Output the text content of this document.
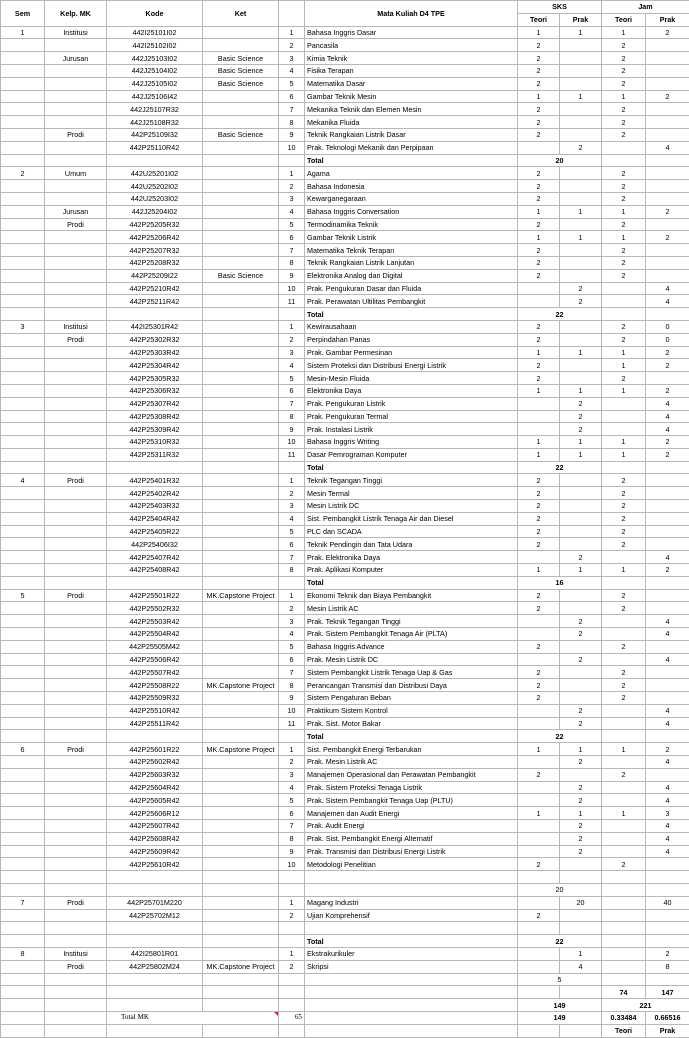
Sem	Kelp. MK	Kode	Ket		Mata Kuliah D4 TPE	SKS		Jam	
						Teori	Prak	Teori	Prak
1	Institusi	442I25101I02		1	Bahasa Inggris Dasar	1	1	1	2
		442I25102I02		2	Pancasila	2		2	
	Jurusan	442J25103I02	Basic Science	3	Kimia Teknik	2		2	
		442J25104I02	Basic Science	4	Fisika Terapan	2		2	
		442J25105I02	Basic Science	5	Matematika Dasar	2		2	
		442J25106I42		6	Gambar Teknik Mesin	1	1	1	2
		442J25107R32		7	Mekanika Teknik dan Elemen Mesin	2		2	
		442J25108R32		8	Mekanika Fluida	2		2	
	Prodi	442P25109I32	Basic Science	9	Teknik Rangkaian Listrik Dasar	2		2	
		442P25110R42		10	Prak. Teknologi Mekanik dan Perpipaan		2		4
					Total	20			
2	Umum	442U25201I02		1	Agama	2		2	
		442U25202I02		2	Bahasa Indonesia	2		2	
		442U25203I02		3	Kewarganegaraan	2		2	
	Jurusan	442J25204I02		4	Bahasa Inggris Conversation	1	1	1	2
	Prodi	442P25205R32		5	Termodinamika Teknik	2		2	
		442P25206R42		6	Gambar Teknik Listrik	1	1	1	2
		442P25207R32		7	Matematika Teknik Terapan	2		2	
		442P25208R32		8	Teknik Rangkaian Listrik Lanjutan	2		2	
		442P25209I22	Basic Science	9	Elektronika Analog dan Digital	2		2	
		442P25210R42		10	Prak. Pengukuran Dasar dan Fluida		2		4
		442P25211R42		11	Prak. Perawatan Ultilitas Pembangkit		2		4
					Total	22			
3	Institusi	442I25301R42		1	Kewirausahaan	2		2	0
	Prodi	442P25302R32		2	Perpindahan Panas	2		2	0
		442P25303R42		3	Prak. Gambar Permesinan	1	1	1	2
		442P25304R42		4	Sistem Proteksi dan Distribusi Energi Listrik	2		1	2
		442P25305R32		5	Mesin-Mesin Fluida	2		2	
		442P25306R32		6	Elektronika Daya	1	1	1	2
		442P25307R42		7	Prak. Pengukuran Listrik		2		4
		442P25308R42		8	Prak. Pengukuran Termal		2		4
		442P25309R42		9	Prak. Instalasi Listrik		2		4
		442P25310R32		10	Bahasa Inggris Writing	1	1	1	2
		442P25311R32		11	Dasar Pemrograman Komputer	1	1	1	2
					Total	22			
4	Prodi	442P25401R32		1	Teknik Tegangan Tinggi	2		2	
		442P25402R42		2	Mesin Termal	2		2	
		442P25403R32		3	Mesin Listrik DC	2		2	
		442P25404R42		4	Sist. Pembangkit Listrik Tenaga Air dan Diesel	2		2	
		442P25405R22		5	PLC dan SCADA	2		2	
		442P25406I32		6	Teknik Pendingin dan Tata Udara	2		2	
		442P25407R42		7	Prak. Elektronika Daya		2		4
		442P25408R42		8	Prak. Aplikasi Komputer	1	1	1	2
					Total	16			
5	Prodi	442P25501R22	MK.Capstone Project	1	Ekonomi Teknik dan Biaya Pembangkit	2		2	
		442P25502R32		2	Mesin Listrik AC	2		2	
		442P25503R42		3	Prak. Teknik Tegangan Tinggi		2		4
		442P25504R42		4	Prak. Sistem Pembangkit Tenaga Air (PLTA)		2		4
		442P25505M42		5	Bahasa Inggris Advance	2		2	
		442P25506R42		6	Prak. Mesin Listrik DC		2		4
		442P25507R42		7	Sistem Pembangkit Listrik Tenaga Uap & Gas	2		2	
		442P25508R22	MK.Capstone Project	8	Perancangan Transmisi dan Distribusi Daya	2		2	
		442P25509R32		9	Sistem Pengaturan Beban	2		2	
		442P25510R42		10	Praktikum Sistem Kontrol		2		4
		442P25511R42		11	Prak. Sist. Motor Bakar		2		4
					Total	22			
6	Prodi	442P25601R22	MK.Capstone Project	1	Sist. Pembangkit Energi Terbarukan	1	1	1	2
		442P25602R42		2	Prak. Mesin Listrik AC		2		4
		442P25603R32		3	Manajemen Operasional dan Perawatan Pembangkit	2		2	
		442P25604R42		4	Prak. Sistem Proteksi Tenaga Listrik		2		4
		442P25605R42		5	Prak. Sistem Pembangkit Tenaga Uap (PLTU)		2		4
		442P25606R12		6	Manajemen dan Audit Energi	1	1	1	3
		442P25607R42		7	Prak. Audit Energi		2		4
		442P25608R42		8	Prak. Sist. Pembangkit Energi Alternatif		2		4
		442P25609R42		9	Prak. Transmisi dan Distribusi Energi Listrik		2		4
		442P25610R42		10	Metodologi Penelitian	2		2	

						20			
7	Prodi	442P25701M220		1	Magang Industri		20		40
		442P25702M12		2	Ujian Komprehensif	2			

					Total	22			
8	Institusi	442I25801R01		1	Ekstrakurikuler		1		2
	Prodi	442P25802M24	MK.Capstone Project	2	Skripsi		4		8
						5			
								74	147
						149		221	
		Total MK		65		149		0.33484	0.66516
								Teori	Prak
